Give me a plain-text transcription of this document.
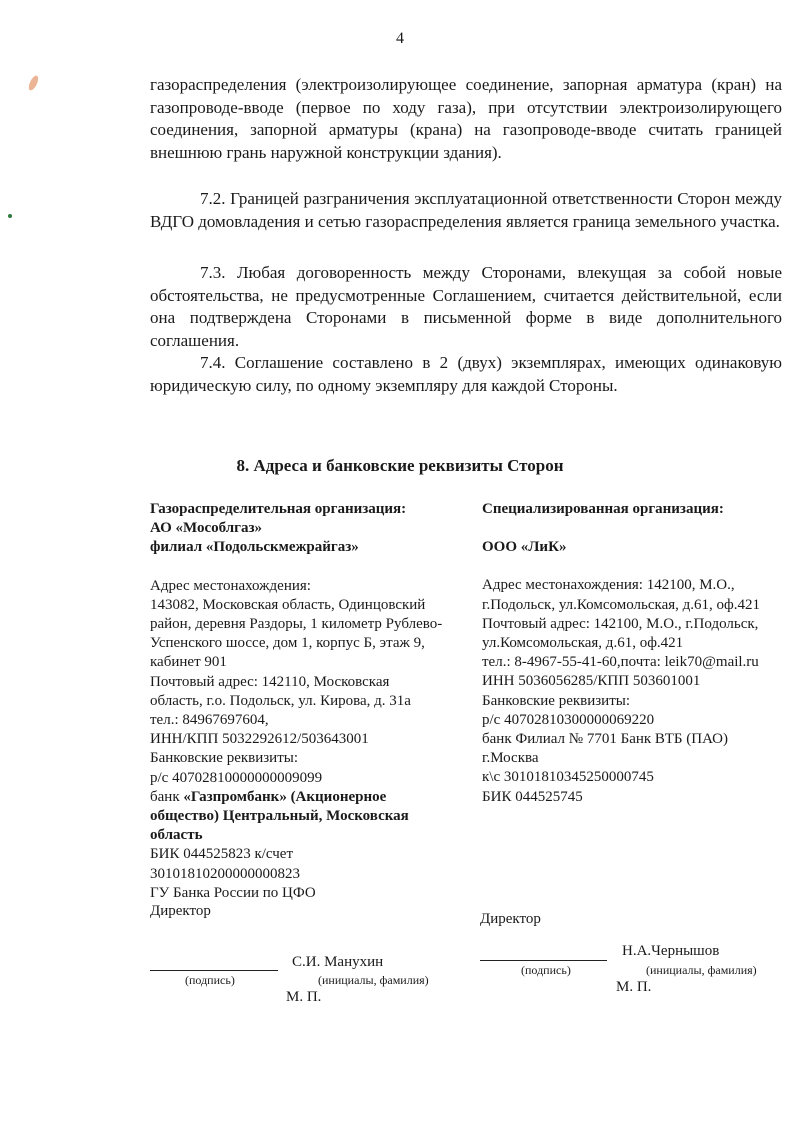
4

газораспределения (электроизолирующее соединение, запорная арматура (кран) на газопроводе-вводе (первое по ходу газа), при отсутствии электроизолирующего соединения, запорной арматуры (крана) на газопроводе-вводе считать границей внешнюю грань наружной конструкции здания).

7.2. Границей разграничения эксплуатационной ответственности Сторон между ВДГО домовладения и сетью газораспределения является граница земельного участка.

7.3. Любая договоренность между Сторонами, влекущая за собой новые обстоятельства, не предусмотренные Соглашением, считается действительной, если она подтверждена Сторонами в письменной форме в виде дополнительного соглашения.

7.4. Соглашение составлено в 2 (двух) экземплярах, имеющих одинаковую юридическую силу, по одному экземпляру для каждой Стороны.

8. Адреса и банковские реквизиты Сторон
Газораспределительная организация:
АО «Мособлгаз»
филиал «Подольскмежрайгаз»
Адрес местонахождения:
143082, Московская область, Одинцовский
район, деревня Раздоры, 1 километр Рублево-
Успенского шоссе, дом 1, корпус Б, этаж 9,
кабинет 901
Почтовый адрес: 142110, Московская
область, г.о. Подольск, ул. Кирова, д. 31а
тел.: 84967697604,
ИНН/КПП 5032292612/503643001
Банковские реквизиты:
р/с 40702810000000009099
банк «Газпромбанк» (Акционерное
общество) Центральный, Московская
область
БИК 044525823 к/счет
30101810200000000823
ГУ Банка России по ЦФО
Специализированная организация:
ООО «ЛиК»
Адрес местонахождения: 142100, М.О.,
г.Подольск, ул.Комсомольская, д.61, оф.421
Почтовый адрес: 142100, М.О., г.Подольск,
ул.Комсомольская, д.61, оф.421
тел.: 8-4967-55-41-60,почта: leik70@mail.ru
ИНН 5036056285/КПП 503601001
Банковские реквизиты:
р/с 40702810300000069220
банк Филиал № 7701 Банк ВТБ (ПАО)
г.Москва
к\с 30101810345250000745
БИК 044525745
Директор
С.И. Манухин
(подпись)	(инициалы, фамилия)
М. П.
Директор
Н.А.Чернышов
(подпись)	(инициалы, фамилия)
М. П.
